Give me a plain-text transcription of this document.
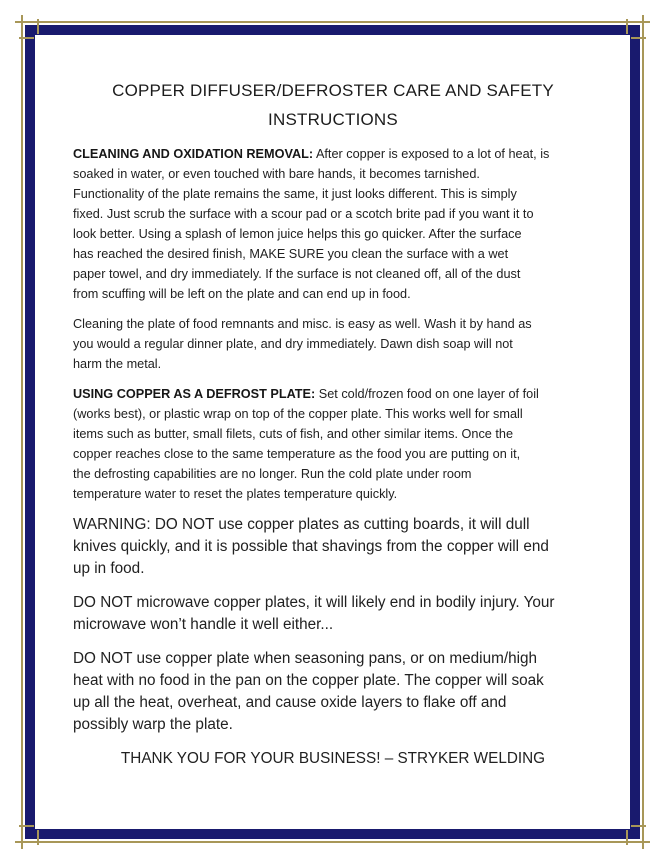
COPPER DIFFUSER/DEFROSTER CARE AND SAFETY
INSTRUCTIONS
CLEANING AND OXIDATION REMOVAL: After copper is exposed to a lot of heat, is
soaked in water, or even touched with bare hands, it becomes tarnished.
Functionality of the plate remains the same, it just looks different. This is simply
fixed. Just scrub the surface with a scour pad or a scotch brite pad if you want it to
look better. Using a splash of lemon juice helps this go quicker. After the surface
has reached the desired finish, MAKE SURE you clean the surface with a wet
paper towel, and dry immediately. If the surface is not cleaned off, all of the dust
from scuffing will be left on the plate and can end up in food.
Cleaning the plate of food remnants and misc. is easy as well. Wash it by hand as
you would a regular dinner plate, and dry immediately. Dawn dish soap will not
harm the metal.
USING COPPER AS A DEFROST PLATE: Set cold/frozen food on one layer of foil
(works best), or plastic wrap on top of the copper plate. This works well for small
items such as butter, small filets, cuts of fish, and other similar items. Once the
copper reaches close to the same temperature as the food you are putting on it,
the defrosting capabilities are no longer. Run the cold plate under room
temperature water to reset the plates temperature quickly.
WARNING: DO NOT use copper plates as cutting boards, it will dull
knives quickly, and it is possible that shavings from the copper will end
up in food.
DO NOT microwave copper plates, it will likely end in bodily injury. Your
microwave won’t handle it well either...
DO NOT use copper plate when seasoning pans, or on medium/high
heat with no food in the pan on the copper plate. The copper will soak
up all the heat, overheat, and cause oxide layers to flake off and
possibly warp the plate.
THANK YOU FOR YOUR BUSINESS! – STRYKER WELDING
